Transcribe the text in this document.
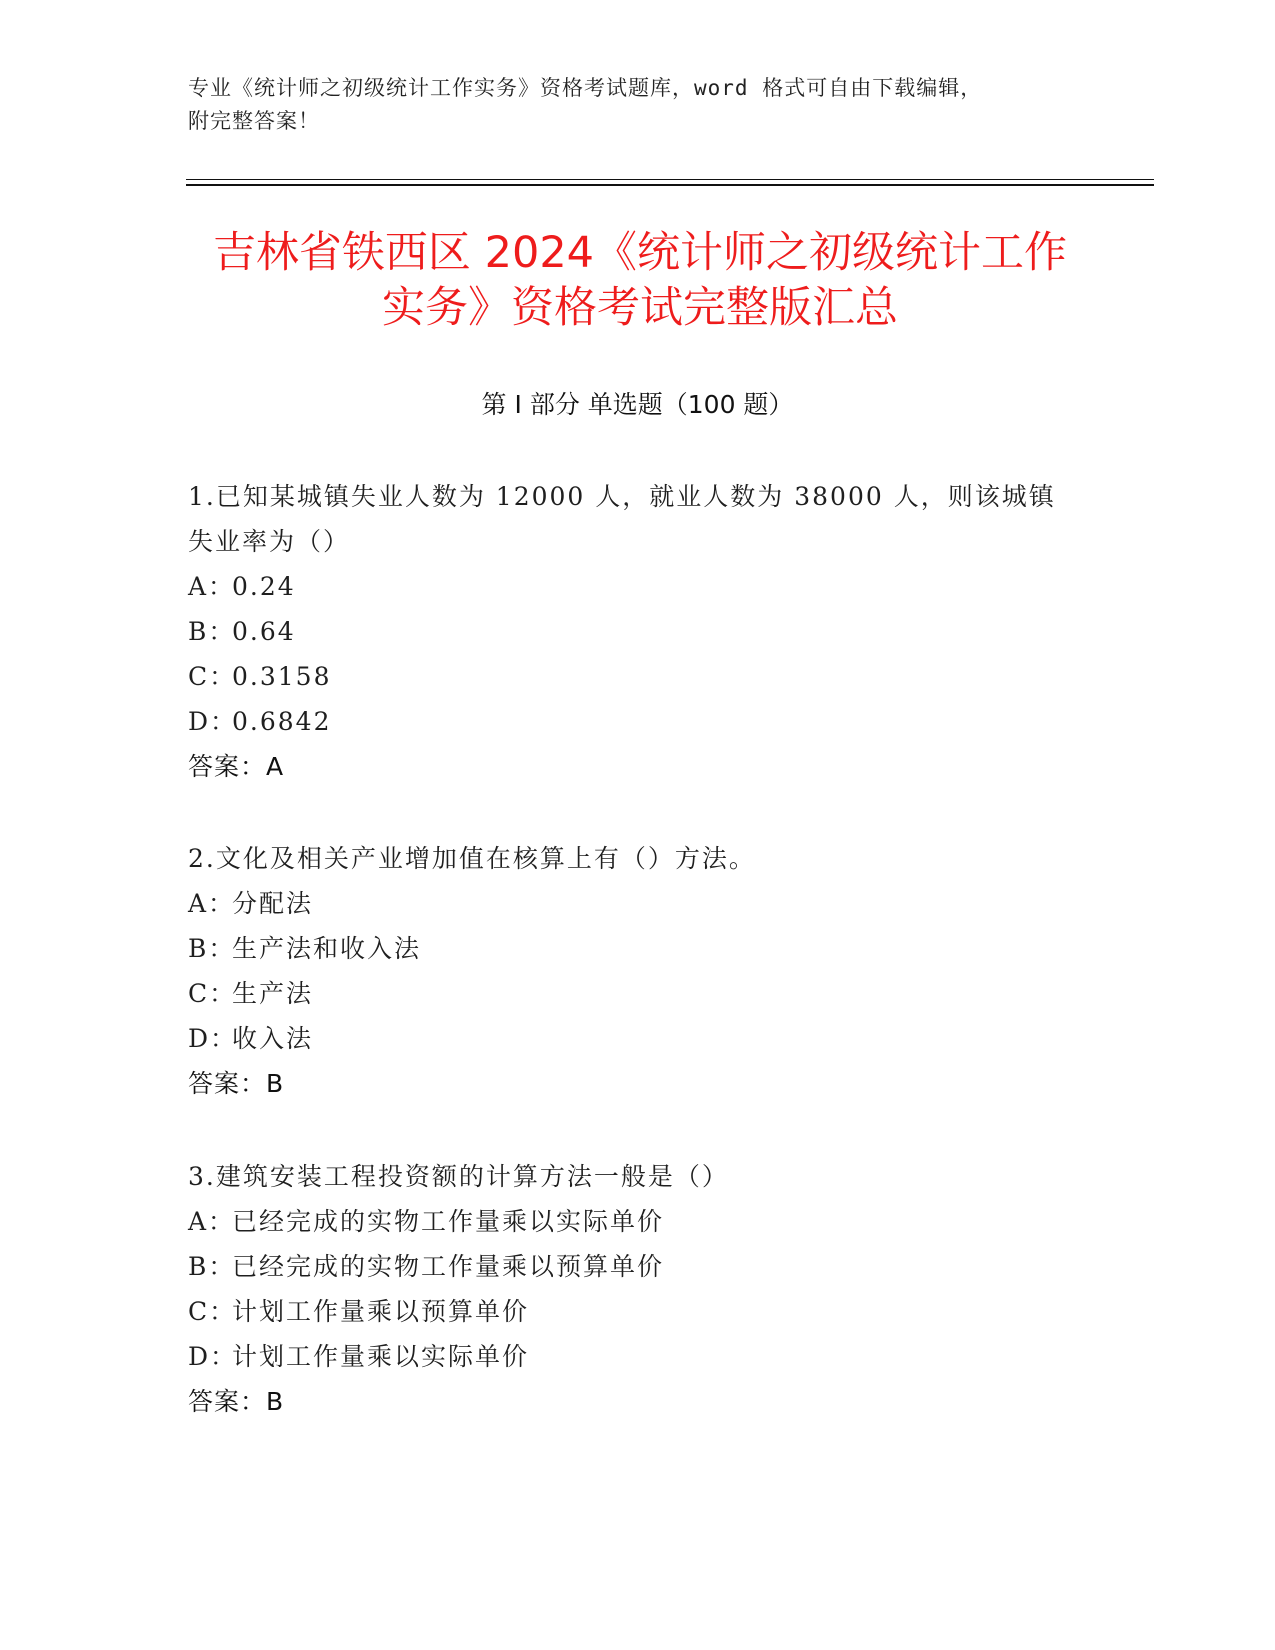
专业《统计师之初级统计工作实务》资格考试题库，word 格式可自由下载编辑，
附完整答案！
吉林省铁西区 2024《统计师之初级统计工作
实务》资格考试完整版汇总
第 I 部分 单选题（100 题）

1.已知某城镇失业人数为 12000 人，就业人数为 38000 人，则该城镇失业率为（）

A：0.24

B：0.64

C：0.3158

D：0.6842

答案：A

2.文化及相关产业增加值在核算上有（）方法。

A：分配法

B：生产法和收入法

C：生产法

D：收入法

答案：B

3.建筑安装工程投资额的计算方法一般是（）

A：已经完成的实物工作量乘以实际单价

B：已经完成的实物工作量乘以预算单价

C：计划工作量乘以预算单价

D：计划工作量乘以实际单价

答案：B
